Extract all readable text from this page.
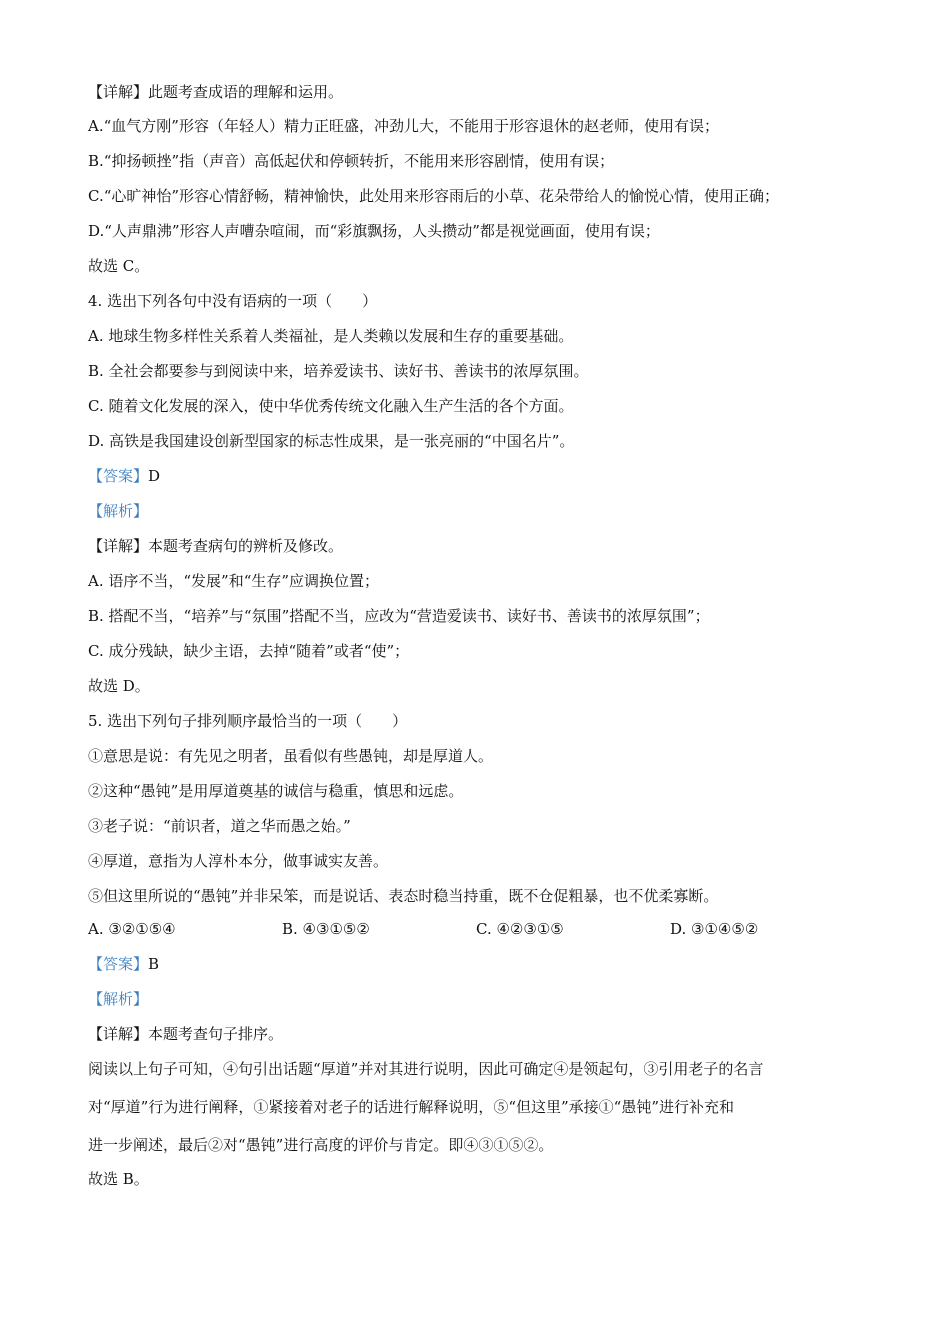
【详解】此题考查成语的理解和运用。
A.“血气方刚”形容（年轻人）精力正旺盛，冲劲儿大，不能用于形容退休的赵老师，使用有误；
B.“抑扬顿挫”指（声音）高低起伏和停顿转折，不能用来形容剧情，使用有误；
C.“心旷神怡”形容心情舒畅，精神愉快，此处用来形容雨后的小草、花朵带给人的愉悦心情，使用正确；
D.“人声鼎沸”形容人声嘈杂喧闹，而“彩旗飘扬，人头攒动”都是视觉画面，使用有误；
故选 C。
4. 选出下列各句中没有语病的一项（　　）
A. 地球生物多样性关系着人类福祉，是人类赖以发展和生存的重要基础。
B. 全社会都要参与到阅读中来，培养爱读书、读好书、善读书的浓厚氛围。
C. 随着文化发展的深入，使中华优秀传统文化融入生产生活的各个方面。
D. 高铁是我国建设创新型国家的标志性成果，是一张亮丽的“中国名片”。
【答案】D
【解析】
【详解】本题考查病句的辨析及修改。
A. 语序不当，“发展”和“生存”应调换位置；
B. 搭配不当，“培养”与“氛围”搭配不当，应改为“营造爱读书、读好书、善读书的浓厚氛围”；
C. 成分残缺，缺少主语，去掉“随着”或者“使”；
故选 D。
5. 选出下列句子排列顺序最恰当的一项（　　）
①意思是说：有先见之明者，虽看似有些愚钝，却是厚道人。
②这种“愚钝”是用厚道奠基的诚信与稳重，慎思和远虑。
③老子说：“前识者，道之华而愚之始。”
④厚道，意指为人淳朴本分，做事诚实友善。
⑤但这里所说的“愚钝”并非呆笨，而是说话、表态时稳当持重，既不仓促粗暴，也不优柔寡断。
A. ③②①⑤④	B. ④③①⑤②	C. ④②③①⑤	D. ③①④⑤②
【答案】B
【解析】
【详解】本题考查句子排序。
阅读以上句子可知，④句引出话题“厚道”并对其进行说明，因此可确定④是领起句，③引用老子的名言
对“厚道”行为进行阐释，①紧接着对老子的话进行解释说明，⑤“但这里”承接①“愚钝”进行补充和
进一步阐述，最后②对“愚钝”进行高度的评价与肯定。即④③①⑤②。
故选 B。
